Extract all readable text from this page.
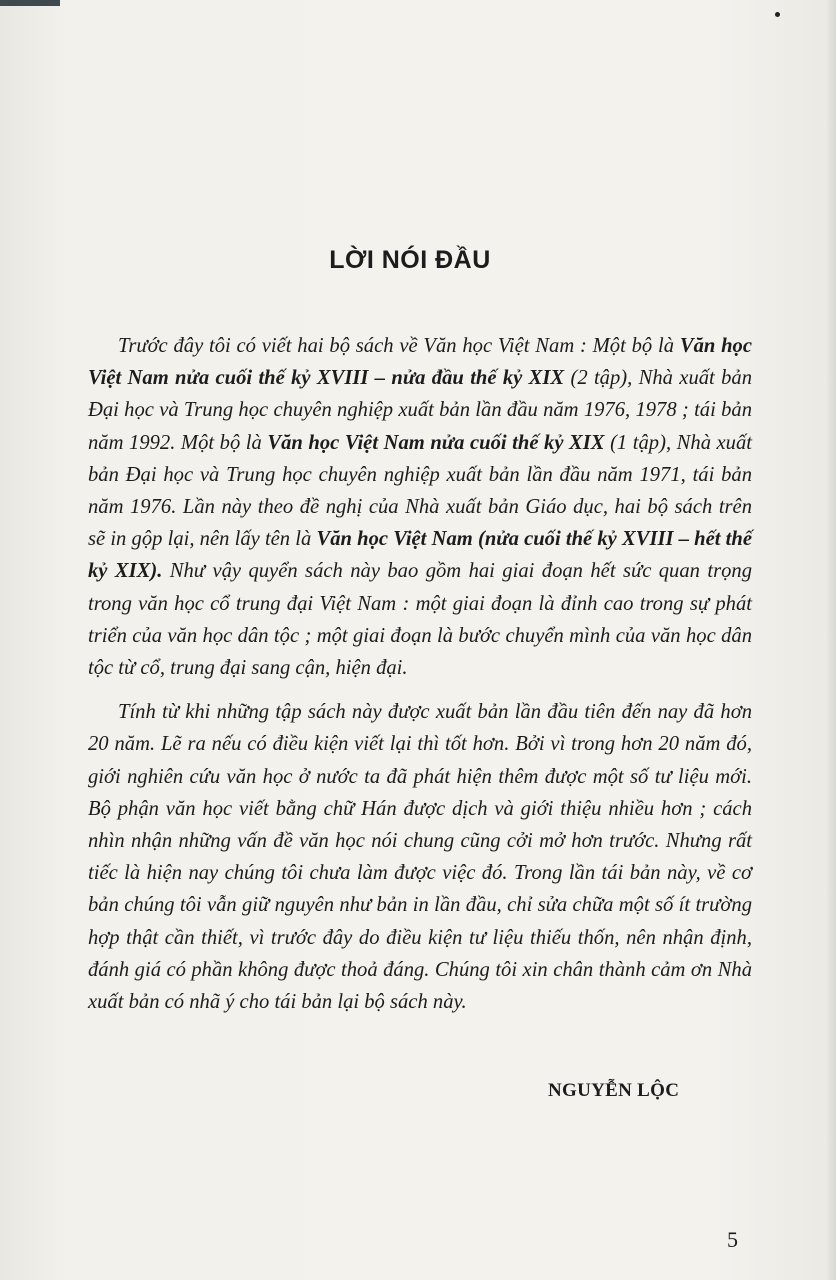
LỜI NÓI ĐẦU

Trước đây tôi có viết hai bộ sách về Văn học Việt Nam : Một bộ là Văn học Việt Nam nửa cuối thế kỷ XVIII – nửa đầu thế kỷ XIX (2 tập), Nhà xuất bản Đại học và Trung học chuyên nghiệp xuất bản lần đầu năm 1976, 1978 ; tái bản năm 1992. Một bộ là Văn học Việt Nam nửa cuối thế kỷ XIX (1 tập), Nhà xuất bản Đại học và Trung học chuyên nghiệp xuất bản lần đầu năm 1971, tái bản năm 1976. Lần này theo đề nghị của Nhà xuất bản Giáo dục, hai bộ sách trên sẽ in gộp lại, nên lấy tên là Văn học Việt Nam (nửa cuối thế kỷ XVIII – hết thế kỷ XIX). Như vậy quyển sách này bao gồm hai giai đoạn hết sức quan trọng trong văn học cổ trung đại Việt Nam : một giai đoạn là đỉnh cao trong sự phát triển của văn học dân tộc ; một giai đoạn là bước chuyển mình của văn học dân tộc từ cổ, trung đại sang cận, hiện đại.

Tính từ khi những tập sách này được xuất bản lần đầu tiên đến nay đã hơn 20 năm. Lẽ ra nếu có điều kiện viết lại thì tốt hơn. Bởi vì trong hơn 20 năm đó, giới nghiên cứu văn học ở nước ta đã phát hiện thêm được một số tư liệu mới. Bộ phận văn học viết bằng chữ Hán được dịch và giới thiệu nhiều hơn ; cách nhìn nhận những vấn đề văn học nói chung cũng cởi mở hơn trước. Nhưng rất tiếc là hiện nay chúng tôi chưa làm được việc đó. Trong lần tái bản này, về cơ bản chúng tôi vẫn giữ nguyên như bản in lần đầu, chỉ sửa chữa một số ít trường hợp thật cần thiết, vì trước đây do điều kiện tư liệu thiếu thốn, nên nhận định, đánh giá có phần không được thoả đáng. Chúng tôi xin chân thành cảm ơn Nhà xuất bản có nhã ý cho tái bản lại bộ sách này.

NGUYỄN LỘC
5
